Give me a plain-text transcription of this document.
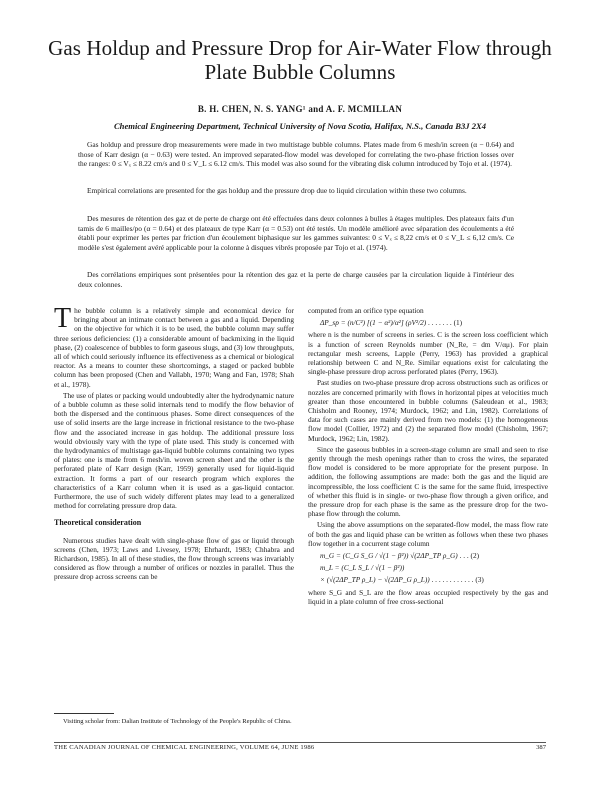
Gas Holdup and Pressure Drop for Air-Water Flow through Plate Bubble Columns
B. H. CHEN, N. S. YANG¹ and A. F. MCMILLAN
Chemical Engineering Department, Technical University of Nova Scotia, Halifax, N.S., Canada B3J 2X4

Gas holdup and pressure drop measurements were made in two multistage bubble columns. Plates made from 6 mesh/in screen (α − 0.64) and those of Karr design (α − 0.63) were tested. An improved separated-flow model was developed for correlating the two-phase friction losses over the ranges: 0 ≤ Vₓ ≤ 8.22 cm/s and 0 ≤ V_L ≤ 6.12 cm/s. This model was also sound for the vibrating disk column introduced by Tojo et al. (1974).

Empirical correlations are presented for the gas holdup and the pressure drop due to liquid circulation within these two columns.

Des mesures de rétention des gaz et de perte de charge ont été effectuées dans deux colonnes à bulles à étages multiples. Des plateaux faits d'un tamis de 6 mailles/po (α = 0.64) et des plateaux de type Karr (α = 0.53) ont été testés. Un modèle amélioré avec séparation des écoulements a été établi pour exprimer les pertes par friction d'un écoulement biphasique sur les gammes suivantes: 0 ≤ Vₓ ≤ 8,22 cm/s et 0 ≤ V_L ≤ 6,12 cm/s. Ce modèle s'est également avéré applicable pour la colonne à disques vibrés proposée par Tojo et al. (1974).

Des corrélations empiriques sont présentées pour la rétention des gaz et la perte de charge causées par la circulation liquide à l'intérieur des deux colonnes.

The bubble column is a relatively simple and economical device for bringing about an intimate contact between a gas and a liquid. Depending on the objective for which it is to be used, the bubble column may suffer three serious deficiencies: (1) a considerable amount of backmixing in the liquid phase, (2) coalescence of bubbles to form gaseous slugs, and (3) low throughputs, all of which could seriously influence its effectiveness as a chemical or biological reactor. As a means to counter these shortcomings, a staged or packed bubble column has been proposed (Chen and Vallabh, 1970; Wang and Fan, 1978; Shah et al., 1978).

The use of plates or packing would undoubtedly alter the hydrodynamic nature of a bubble column as these solid internals tend to modify the flow behavior of both the dispersed and the continuous phases. Some direct consequences of the use of solid inserts are the large increase in frictional resistance to the two-phase flow and the associated increase in gas holdup. The additional pressure loss would obviously vary with the type of plate used. This study is concerned with the hydrodynamics of multistage gas-liquid bubble columns containing two types of plates: one is made from 6 mesh/in. woven screen sheet and the other is the perforated plate of Karr design (Karr, 1959) generally used for liquid-liquid extraction. It forms a part of our research program which explores the characteristics of a Karr column when it is used as a gas-liquid contactor. Furthermore, the use of such widely different plates may lead to a generalized method for correlating pressure drop data.

Theoretical consideration

Numerous studies have dealt with single-phase flow of gas or liquid through screens (Chen, 1973; Laws and Livesey, 1978; Ehrhardt, 1983; Chhabra and Richardson, 1985). In all of these studies, the flow through screens was invariably considered as flow through a number of orifices or nozzles in parallel. Thus the pressure drop across screens can be

computed from an orifice type equation

ΔP_sp = (n/C²) [(1 − α²)/α²] (ρV²/2) . . . . . . . (1)

where n is the number of screens in series. C is the screen loss coefficient which is a function of screen Reynolds number (N_Re, = dm V/αμ). For plain rectangular mesh screens, Lapple (Perry, 1963) has provided a graphical relationship between C and N_Re. Similar equations exist for calculating the single-phase pressure drop across perforated plates (Perry, 1963).

Past studies on two-phase pressure drop across obstructions such as orifices or nozzles are concerned primarily with flows in horizontal pipes at velocities much greater than those encountered in bubble columns (Saleudean et al., 1983; Chisholm and Rooney, 1974; Murdock, 1962; and Lin, 1982). Correlations of data for such cases are mainly derived from two models: (1) the homogeneous flow model (Collier, 1972) and (2) the separated flow model (Chisholm, 1967; Murdock, 1962; Lin, 1982).

Since the gaseous bubbles in a screen-stage column are small and seen to rise gently through the mesh openings rather than to cross the wires, the separated flow model is considered to be more appropriate for the present purpose. In addition, the following assumptions are made: both the gas and the liquid are incompressible, the loss coefficient C is the same for the same fluid, irrespective of whether this fluid is in single- or two-phase flow through a given orifice, and the pressure drop for each phase is the same as the pressure drop for the two-phase flow through the column.

Using the above assumptions on the separated-flow model, the mass flow rate of both the gas and liquid phase can be written as follows when these two phases flow together in a cocurrent stage column

m_G = (C_G S_G / √(1 − β²)) √(2ΔP_TP ρ_G) . . . (2)

m_L = (C_L S_L / √(1 − β²))

× (√(2ΔP_TP ρ_L) − √(2ΔP_G ρ_L)) . . . . . . . . . . . . (3)

where S_G and S_L are the flow areas occupied respectively by the gas and liquid in a plate column of free cross-sectional

Visiting scholar from: Dalian Institute of Technology of the People's Republic of China.
THE CANADIAN JOURNAL OF CHEMICAL ENGINEERING, VOLUME 64, JUNE 1986	387
